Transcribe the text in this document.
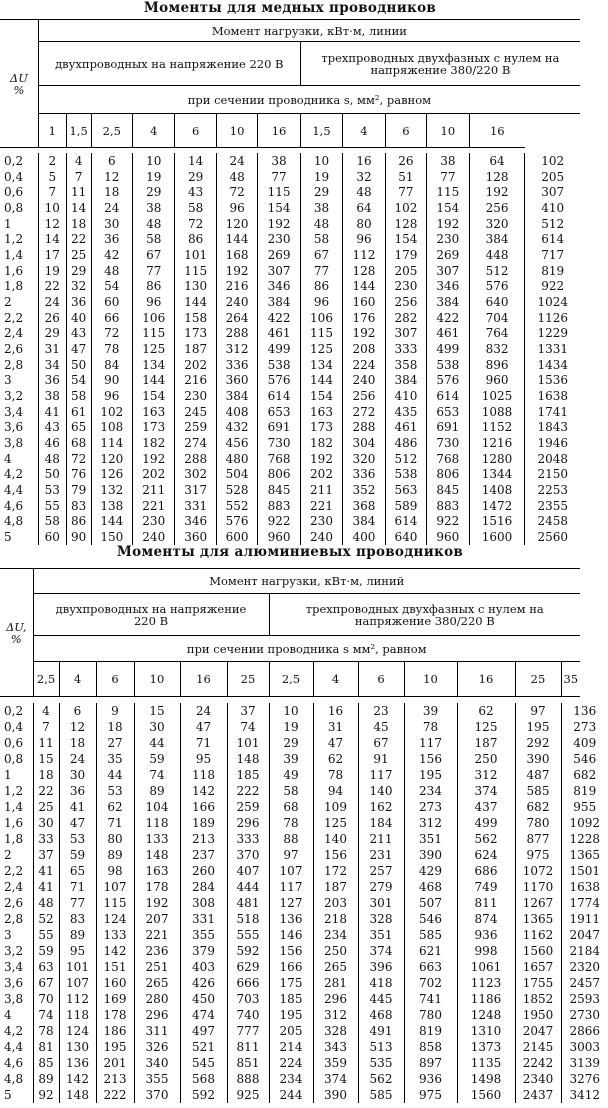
Моменты для медных проводников
ΔU
%	Момент нагрузки, кВт·м, линии											
	двухпроводных на напряжение 220 В							трехпроводных двухфазных с нулем на напряжение 380/220 В				
	при сечении проводника s, мм², равном											
	1	1,5	2,5	4	6	10	16	1,5	4	6	10	16
0,2	2	4	6	10	14	24	38	10	16	26	38	64	102
0,4	5	7	12	19	29	48	77	19	32	51	77	128	205
0,6	7	11	18	29	43	72	115	29	48	77	115	192	307
0,8	10	14	24	38	58	96	154	38	64	102	154	256	410
1	12	18	30	48	72	120	192	48	80	128	192	320	512
1,2	14	22	36	58	86	144	230	58	96	154	230	384	614
1,4	17	25	42	67	101	168	269	67	112	179	269	448	717
1,6	19	29	48	77	115	192	307	77	128	205	307	512	819
1,8	22	32	54	86	130	216	346	86	144	230	346	576	922
2	24	36	60	96	144	240	384	96	160	256	384	640	1024
2,2	26	40	66	106	158	264	422	106	176	282	422	704	1126
2,4	29	43	72	115	173	288	461	115	192	307	461	764	1229
2,6	31	47	78	125	187	312	499	125	208	333	499	832	1331
2,8	34	50	84	134	202	336	538	134	224	358	538	896	1434
3	36	54	90	144	216	360	576	144	240	384	576	960	1536
3,2	38	58	96	154	230	384	614	154	256	410	614	1025	1638
3,4	41	61	102	163	245	408	653	163	272	435	653	1088	1741
3,6	43	65	108	173	259	432	691	173	288	461	691	1152	1843
3,8	46	68	114	182	274	456	730	182	304	486	730	1216	1946
4	48	72	120	192	288	480	768	192	320	512	768	1280	2048
4,2	50	76	126	202	302	504	806	202	336	538	806	1344	2150
4,4	53	79	132	211	317	528	845	211	352	563	845	1408	2253
4,6	55	83	138	221	331	552	883	221	368	589	883	1472	2355
4,8	58	86	144	230	346	576	922	230	384	614	922	1516	2458
5	60	90	150	240	360	600	960	240	400	640	960	1600	2560
Моменты для алюминиевых проводников
ΔU,
%	Момент нагрузки, кВт·м, линий												
	двухпроводных на напряжение 220 В						трехпроводных двухфазных с нулем на напряжение 380/220 В						
	при сечении проводника s мм², равном												
	2,5	4	6	10	16	25	2,5	4	6	10	16	25	35
0,2	4	6	9	15	24	37	10	16	23	39	62	97	136
0,4	7	12	18	30	47	74	19	31	45	78	125	195	273
0,6	11	18	27	44	71	101	29	47	67	117	187	292	409
0,8	15	24	35	59	95	148	39	62	91	156	250	390	546
1	18	30	44	74	118	185	49	78	117	195	312	487	682
1,2	22	36	53	89	142	222	58	94	140	234	374	585	819
1,4	25	41	62	104	166	259	68	109	162	273	437	682	955
1,6	30	47	71	118	189	296	78	125	184	312	499	780	1092
1,8	33	53	80	133	213	333	88	140	211	351	562	877	1228
2	37	59	89	148	237	370	97	156	231	390	624	975	1365
2,2	41	65	98	163	260	407	107	172	257	429	686	1072	1501
2,4	41	71	107	178	284	444	117	187	279	468	749	1170	1638
2,6	48	77	115	192	308	481	127	203	301	507	811	1267	1774
2,8	52	83	124	207	331	518	136	218	328	546	874	1365	1911
3	55	89	133	221	355	555	146	234	351	585	936	1162	2047
3,2	59	95	142	236	379	592	156	250	374	621	998	1560	2184
3,4	63	101	151	251	403	629	166	265	396	663	1061	1657	2320
3,6	67	107	160	265	426	666	175	281	418	702	1123	1755	2457
3,8	70	112	169	280	450	703	185	296	445	741	1186	1852	2593
4	74	118	178	296	474	740	195	312	468	780	1248	1950	2730
4,2	78	124	186	311	497	777	205	328	491	819	1310	2047	2866
4,4	81	130	195	326	521	811	214	343	513	858	1373	2145	3003
4,6	85	136	201	340	545	851	224	359	535	897	1135	2242	3139
4,8	89	142	213	355	568	888	234	374	562	936	1498	2340	3276
5	92	148	222	370	592	925	244	390	585	975	1560	2437	3412
